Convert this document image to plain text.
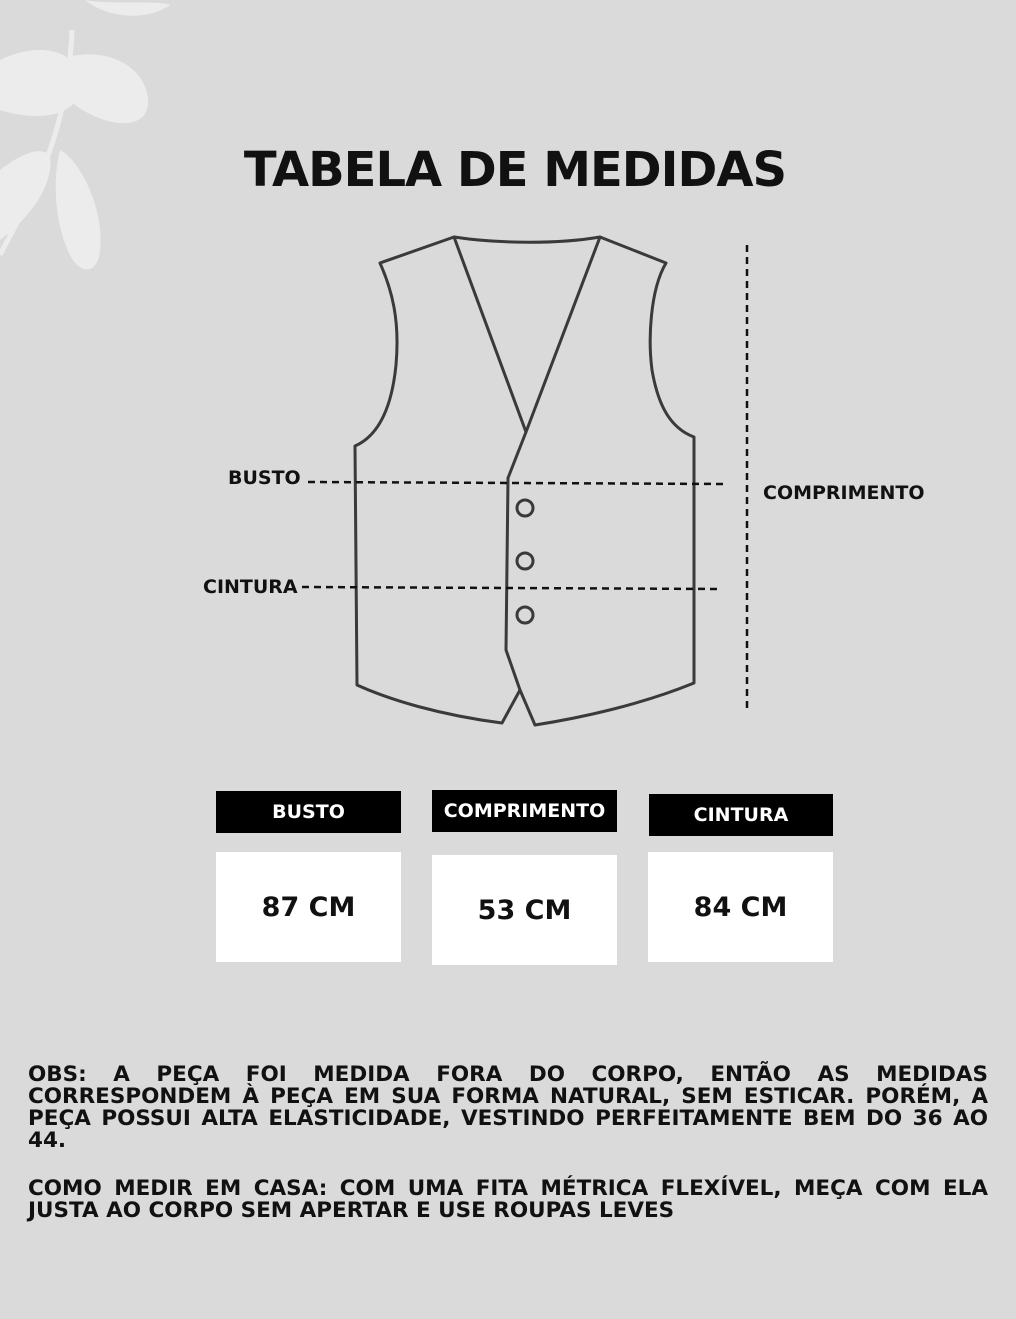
TABELA DE MEDIDAS
BUSTO
CINTURA
COMPRIMENTO
BUSTO	COMPRIMENTO	CINTURA
87 CM	53 CM	84 CM

OBS: A PEÇA FOI MEDIDA FORA DO CORPO, ENTÃO AS MEDIDAS CORRESPONDEM À PEÇA EM SUA FORMA NATURAL, SEM ESTICAR. PORÉM, A PEÇA POSSUI ALTA ELASTICIDADE, VESTINDO PERFEITAMENTE BEM DO 36 AO 44.

COMO MEDIR EM CASA: COM UMA FITA MÉTRICA FLEXÍVEL, MEÇA COM ELA JUSTA AO CORPO SEM APERTAR E USE ROUPAS LEVES
